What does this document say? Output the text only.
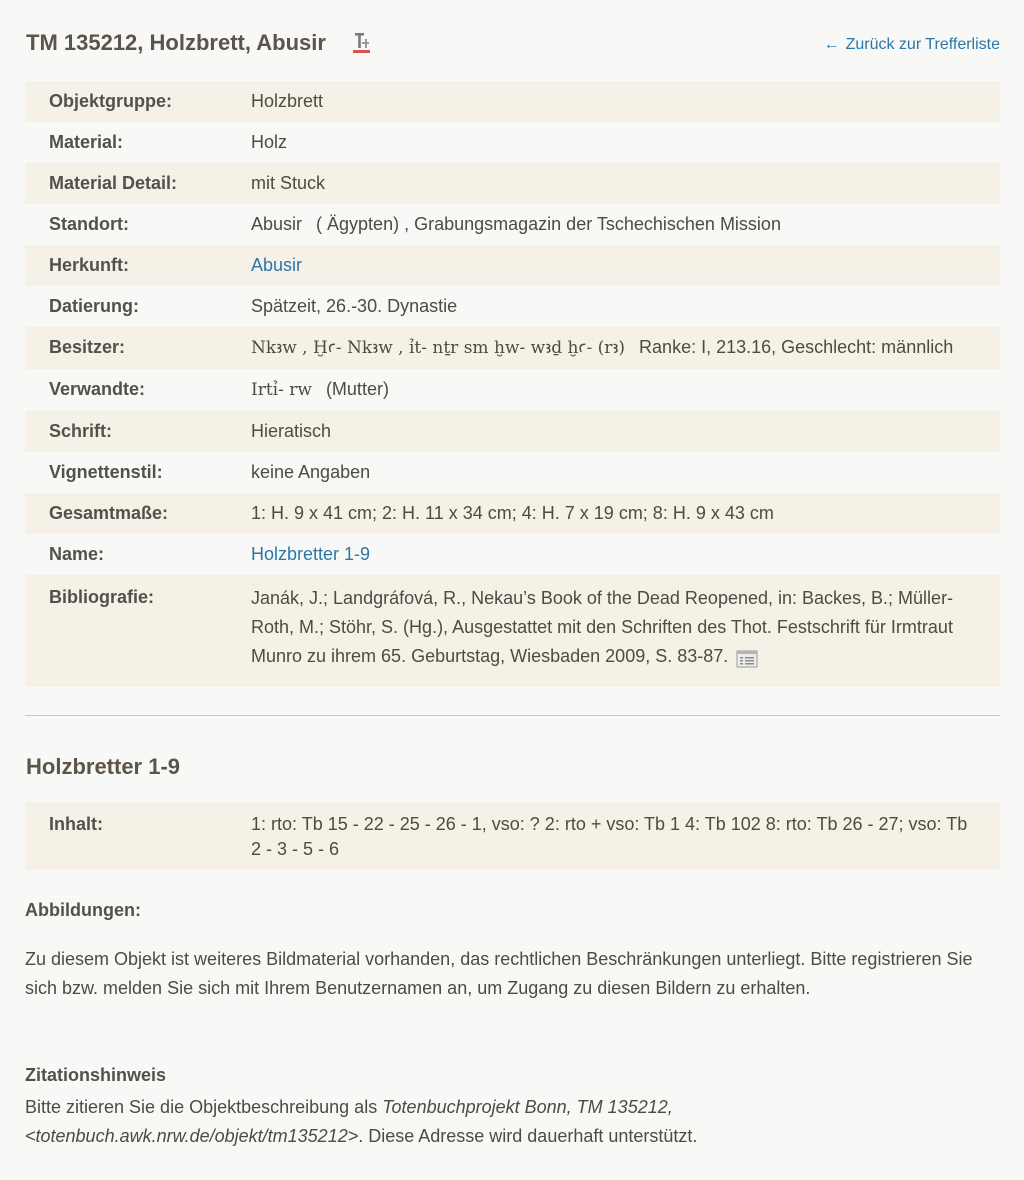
TM 135212, Holzbrett, Abusir	← Zurück zur Trefferliste
Objektgruppe:	Holzbrett
Material:	Holz
Material Detail:	mit Stuck
Standort:	Abusir ( Ägypten) , Grabungsmagazin der Tschechischen Mission
Herkunft:	Abusir
Datierung:	Spätzeit, 26.-30. Dynastie
Besitzer:	Nkꜣw , Ḫꜥ- Nkꜣw , ỉt- nṯr sm ḫw- wꜣḏ ḫꜥ- (rꜣ) Ranke: I, 213.16, Geschlecht: männlich
Verwandte:	Irtỉ- rw (Mutter)
Schrift:	Hieratisch
Vignettenstil:	keine Angaben
Gesamtmaße:	1: H. 9 x 41 cm; 2: H. 11 x 34 cm; 4: H. 7 x 19 cm; 8: H. 9 x 43 cm
Name:	Holzbretter 1-9
Bibliografie:	Janák, J.; Landgráfová, R., Nekau’s Book of the Dead Reopened, in: Backes, B.; Müller-Roth, M.; Stöhr, S. (Hg.), Ausgestattet mit den Schriften des Thot. Festschrift für Irmtraut Munro zu ihrem 65. Geburtstag, Wiesbaden 2009, S. 83-87.
Holzbretter 1-9
Inhalt:	1: rto: Tb 15 - 22 - 25 - 26 - 1, vso: ? 2: rto + vso: Tb 1 4: Tb 102 8: rto: Tb 26 - 27; vso: Tb 2 - 3 - 5 - 6
Abbildungen:

Zu diesem Objekt ist weiteres Bildmaterial vorhanden, das rechtlichen Beschränkungen unterliegt. Bitte registrieren Sie sich bzw. melden Sie sich mit Ihrem Benutzernamen an, um Zugang zu diesen Bildern zu erhalten.

Zitationshinweis

Bitte zitieren Sie die Objektbeschreibung als Totenbuchprojekt Bonn, TM 135212, <totenbuch.awk.nrw.de/objekt/tm135212>. Diese Adresse wird dauerhaft unterstützt.
